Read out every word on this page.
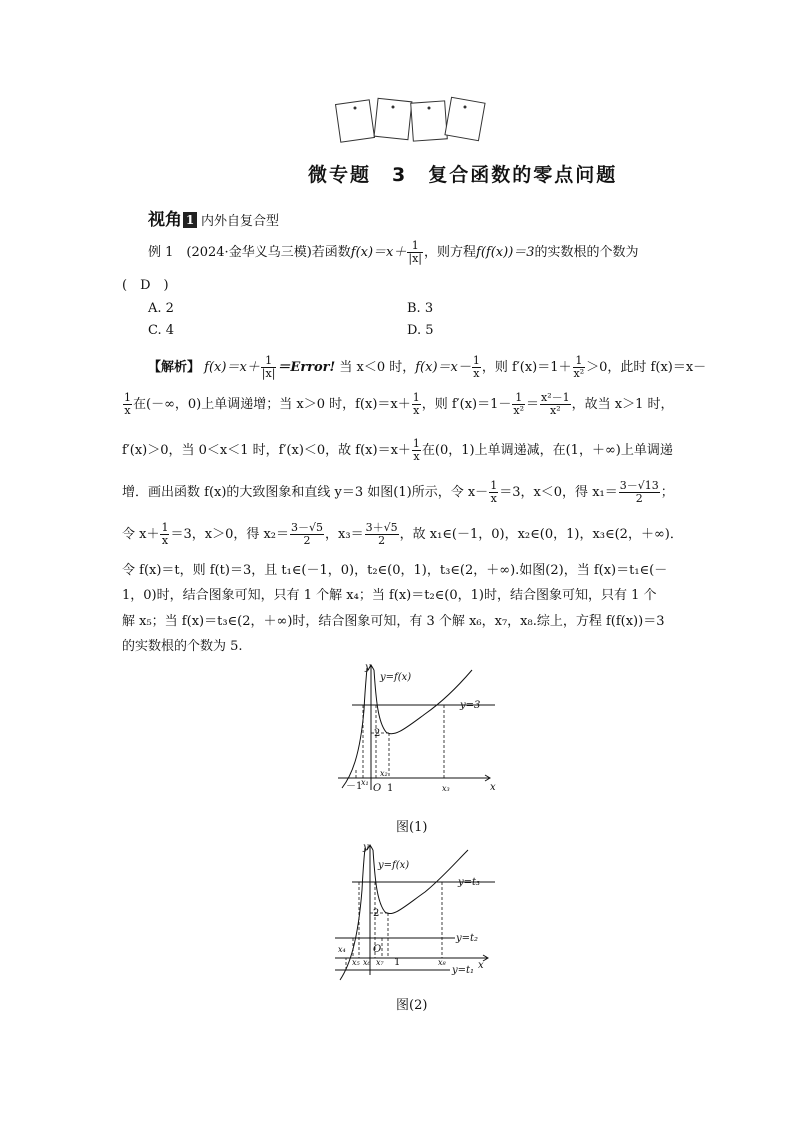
微专题　3　复合函数的零点问题
视角 1 内外自复合型
例 1　(2024·金华义乌三模)若函数$f(x)=x+ \frac{1}{|x|}$ ，则方程f(f(x))＝3的实数根的个数为
(　D　)
A. 2	B. 3
C. 4	D. 5
【解析】 $f(x)=x+ \frac{1}{|x|}$ ＝Error! 当 x＜0 时，$f(x)=x- \frac{1}{x}$ ，则 $f'(x)=1+ \frac{1}{\text{x²}} >0$，此时 f(x)＝x－
$\frac{1}{x}$ 在(－∞，0)上单调递增；当 x＞0 时，$f(x)=x+ \frac{1}{x}$ ，则 $f'(x)=1- \frac{1}{\text{x²}} = \frac{\text{x²－1}}{\text{x²}}$ ，故当 x＞1 时，
f′(x)＞0，当 0＜x＜1 时，f′(x)＜0，故 $f(x)=x+ \frac{1}{x}$ 在(0，1)上单调递减，在(1，＋∞)上单调递
增．画出函数 f(x)的大致图象和直线 y＝3 如图(1)所示，令 $x- \frac{1}{x} =3$，x＜0，得 $x_1= \frac{3-√13}{2}$ ；
令 $x+ \frac{1}{x} =3$，x＞0，得 $x_2= \frac{3-√5}{2}$ ，$x_3= \frac{3+√5}{2}$ ，故 x₁∈(－1，0)，x₂∈(0，1)，x₃∈(2，＋∞)．
令 f(x)＝t，则 f(t)＝3，且 t₁∈(－1，0)，t₂∈(0，1)，t₃∈(2，＋∞).如图(2)，当 f(x)＝t₁∈(－
1，0)时，结合图象可知，只有 1 个解 x₄；当 f(x)＝t₂∈(0，1)时，结合图象可知，只有 1 个
解 x₅；当 f(x)＝t₃∈(2，＋∞)时，结合图象可知，有 3 个解 x₆，x₇，x₈.综上，方程 f(f(x))＝3
的实数根的个数为 5.
y
x
y=f(x)
y=3
2
－1
x₁
O 1
x₂
x₃
图(1)
y
x
y=f(x)
y=t₃
y=t₂
y=t₁
2
O
1
x₄
x₅ x₆ x₇	x₈
图(2)
